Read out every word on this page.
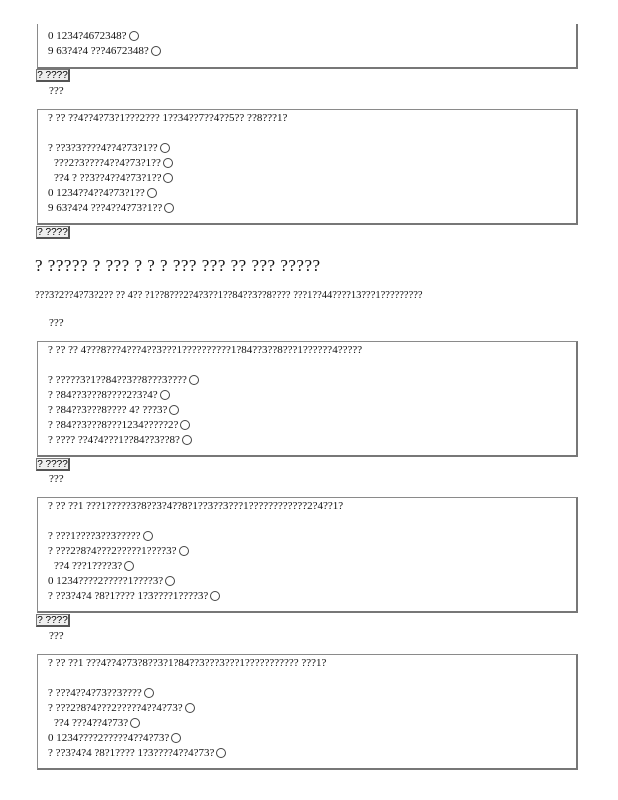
0 1234?4672348?
9 63?4?4 ???4672348?
? ????
???
? ?? ??4??4?73?1???2??? 1??34??7??4??5?? ??8???1?
? ??3?3????4??4?73?1??
???2?3????4??4?73?1??
??4 ? ??3??4??4?73?1??
0 1234??4??4?73?1??
9 63?4?4 ???4??4?73?1??
? ????
? ????? ? ??? ? ? ? ??? ??? ?? ??? ?????
???3?2??4?73?2?? ?? 4?? ?1??8???2?4?3??1??84??3??8???? ???1??44????13???1?????????
???
? ?? ?? 4???8???4???4??3???1??????????1?84??3??8???1??????4?????
? ?????3?1??84??3??8???3????
? ?84??3???8????2?3?4?
? ?84??3???8???? 4? ???3?
? ?84??3???8???1234?????2?
? ???? ??4?4???1??84??3??8?
? ????
???
? ?? ??1 ???1?????3?8??3?4??8?1??3??3???1????????????2?4??1?
? ???1????3??3?????
? ???2?8?4???2?????1????3?
??4 ???1????3?
0 1234????2?????1????3?
? ??3?4?4 ?8?1???? 1?3????1????3?
? ????
???
? ?? ??1 ???4??4?73?8??3?1?84??3???3???1??????????? ???1?
? ???4??4?73??3????
? ???2?8?4???2?????4??4?73?
??4 ???4??4?73?
0 1234????2?????4??4?73?
? ??3?4?4 ?8?1???? 1?3????4??4?73?
